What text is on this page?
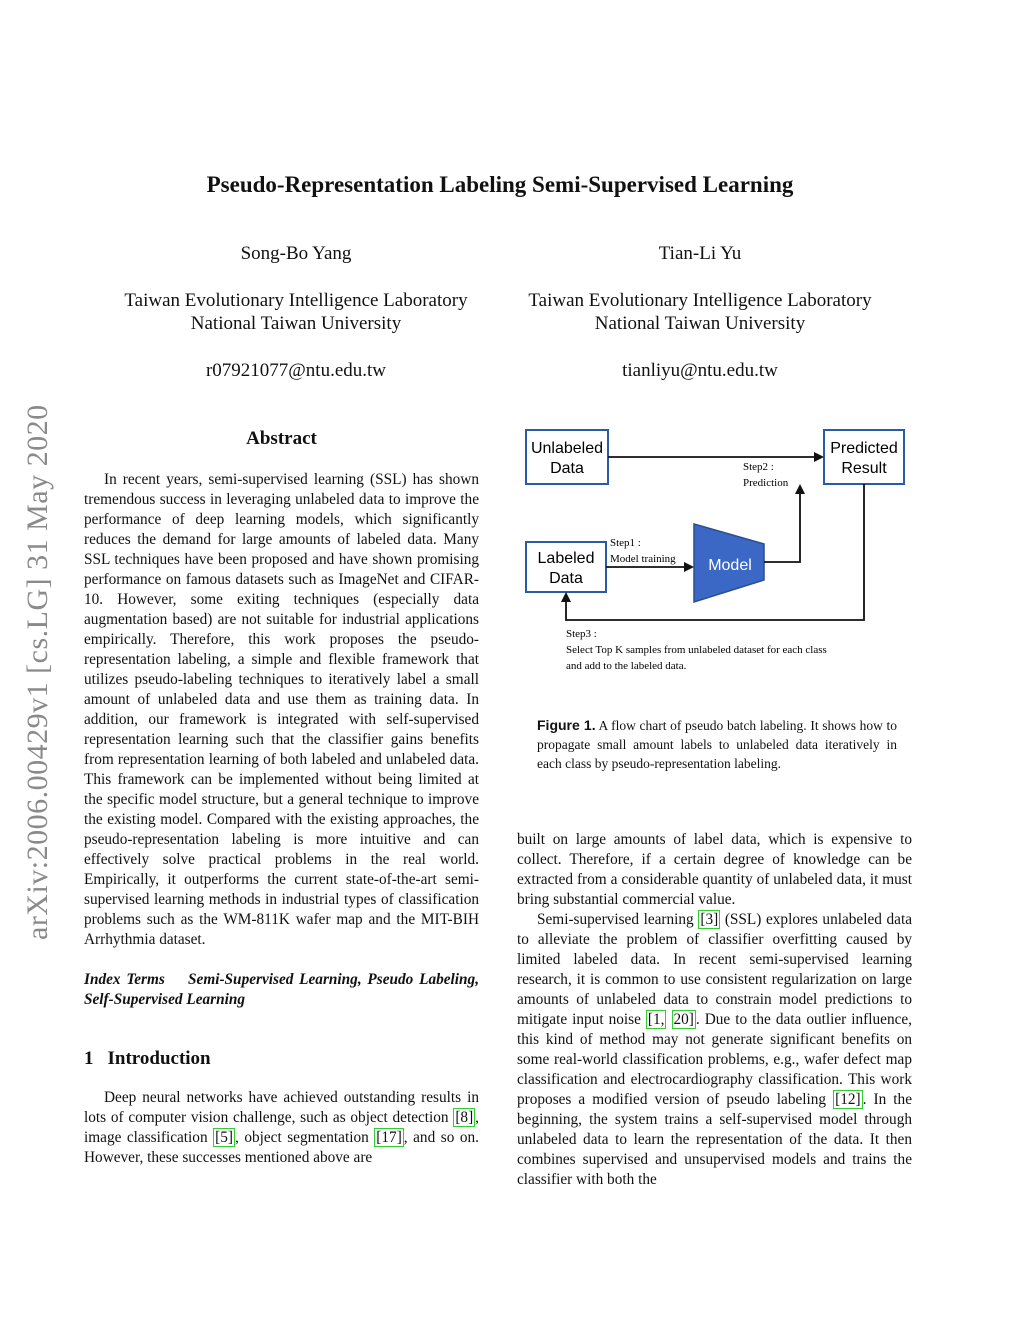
arXiv:2006.00429v1 [cs.LG] 31 May 2020
Pseudo-Representation Labeling Semi-Supervised Learning
Song-Bo Yang
Taiwan Evolutionary Intelligence Laboratory
National Taiwan University
r07921077@ntu.edu.tw
Tian-Li Yu
Taiwan Evolutionary Intelligence Laboratory
National Taiwan University
tianliyu@ntu.edu.tw
Abstract

In recent years, semi-supervised learning (SSL) has shown tremendous success in leveraging unlabeled data to improve the performance of deep learning models, which significantly reduces the demand for large amounts of labeled data. Many SSL techniques have been proposed and have shown promising performance on famous datasets such as ImageNet and CIFAR-10. However, some exiting techniques (especially data augmentation based) are not suitable for industrial applications empirically. Therefore, this work proposes the pseudo-representation labeling, a simple and flexible framework that utilizes pseudo-labeling techniques to iteratively label a small amount of unlabeled data and use them as training data. In addition, our framework is integrated with self-supervised representation learning such that the classifier gains benefits from representation learning of both labeled and unlabeled data. This framework can be implemented without being limited at the specific model structure, but a general technique to improve the existing model. Compared with the existing approaches, the pseudo-representation labeling is more intuitive and can effectively solve practical problems in the real world. Empirically, it outperforms the current state-of-the-art semi-supervised learning methods in industrial types of classification problems such as the WM-811K wafer map and the MIT-BIH Arrhythmia dataset.

Index Terms Semi-Supervised Learning, Pseudo Labeling, Self-Supervised Learning
1 Introduction

Deep neural networks have achieved outstanding results in lots of computer vision challenge, such as object detection [8] , image classification [5] , object segmentation [17] , and so on. However, these successes mentioned above are

Unlabeled
Data
Predicted
Result
Labeled
Data
Model
Step2 :
Prediction
Step1 :
Model training
Step3 :
Select Top K samples from unlabeled dataset for each class
and add to the labeled data.
Figure 1. A flow chart of pseudo batch labeling. It shows how to propagate small amount labels to unlabeled data iteratively in each class by pseudo-representation labeling.

built on large amounts of label data, which is expensive to collect. Therefore, if a certain degree of knowledge can be extracted from a considerable quantity of unlabeled data, it must bring substantial commercial value.

Semi-supervised learning [3] (SSL) explores unlabeled data to alleviate the problem of classifier overfitting caused by limited labeled data. In recent semi-supervised learning research, it is common to use consistent regularization on large amounts of unlabeled data to constrain model predictions to mitigate input noise [1, 20] . Due to the data outlier influence, this kind of method may not generate significant benefits on some real-world classification problems, e.g., wafer defect map classification and electrocardiography classification. This work proposes a modified version of pseudo labeling [12] . In the beginning, the system trains a self-supervised model through unlabeled data to learn the representation of the data. It then combines supervised and unsupervised models and trains the classifier with both the
